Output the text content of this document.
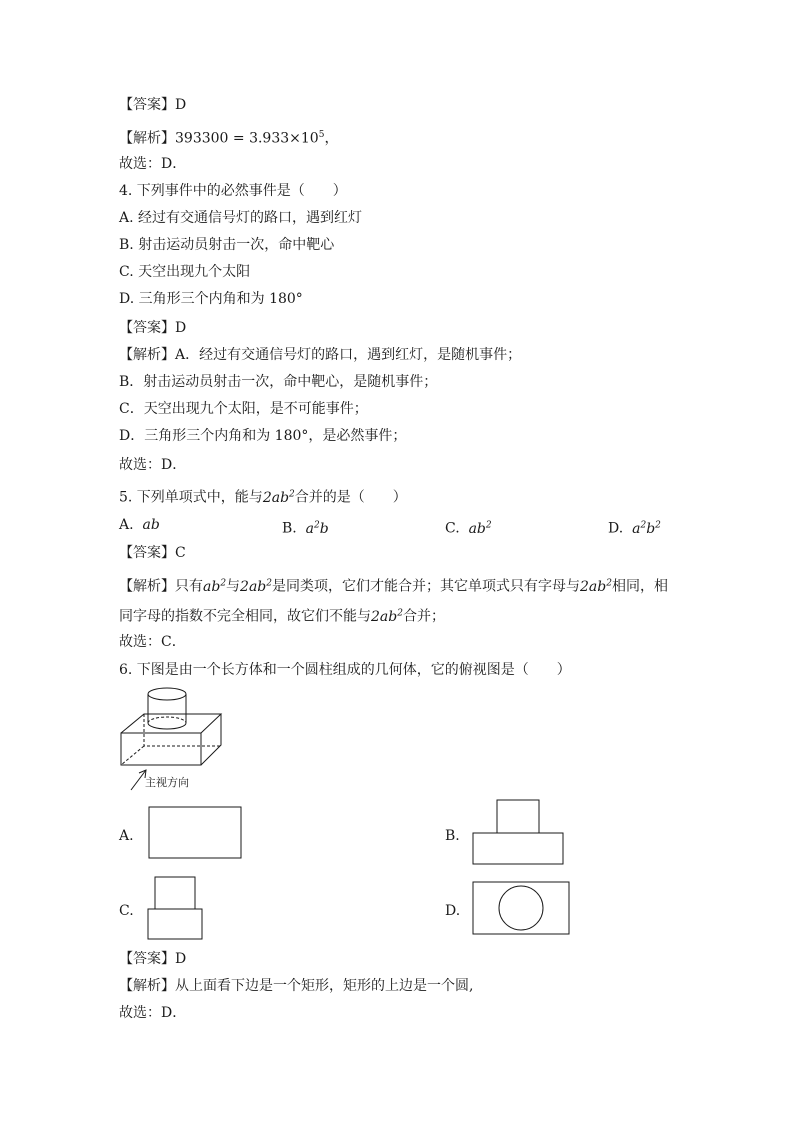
【答案】D
【解析】$393300 = 3.933\times 10^5$，
故选：D．
4. 下列事件中的必然事件是（　　）
A. 经过有交通信号灯的路口，遇到红灯
B. 射击运动员射击一次，命中靶心
C. 天空出现九个太阳
D. 三角形三个内角和为 180°
【答案】D
【解析】A．经过有交通信号灯的路口，遇到红灯，是随机事件；
B．射击运动员射击一次，命中靶心，是随机事件；
C．天空出现九个太阳，是不可能事件；
D．三角形三个内角和为 180°，是必然事件；
故选：D．
5. 下列单项式中，能与$2ab^2$合并的是（　　）
A. ab	B. $a^2b$	C. $ab^2$	D. $a^2b^2$
【答案】C
【解析】只有$ab^2$与$2ab^2$是同类项，它们才能合并；其它单项式只有字母与$2ab^2$相同，相
同字母的指数不完全相同，故它们不能与$2ab^2$合并；
故选：C．
6. 下图是由一个长方体和一个圆柱组成的几何体，它的俯视图是（　　）
主视方向
A.	B.
C.	D.
【答案】D
【解析】从上面看下边是一个矩形，矩形的上边是一个圆,
故选：D．
